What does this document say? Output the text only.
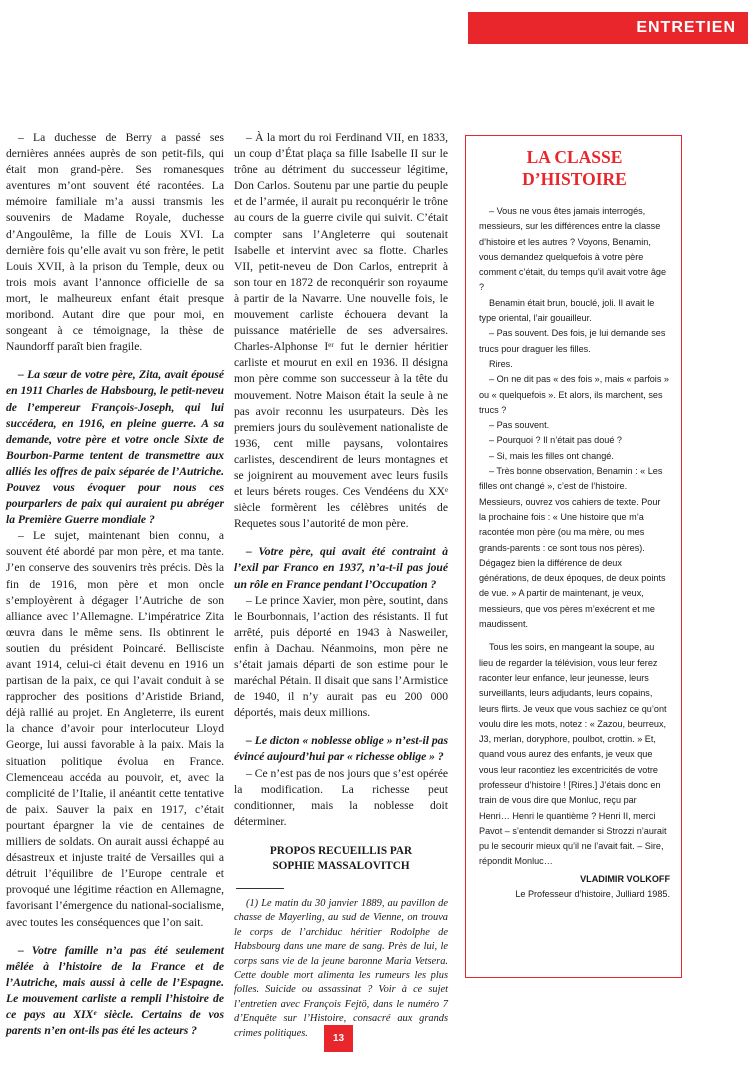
ENTRETIEN

– La duchesse de Berry a passé ses dernières années auprès de son petit-fils, qui était mon grand-père. Ses romanesques aventures m’ont souvent été racontées. La mémoire familiale m’a aussi transmis les souvenirs de Madame Royale, duchesse d’Angoulême, la fille de Louis XVI. La dernière fois qu’elle avait vu son frère, le petit Louis XVII, à la prison du Temple, deux ou trois mois avant l’annonce officielle de sa mort, le malheureux enfant était presque moribond. Autant dire que pour moi, en songeant à ce témoignage, la thèse de Naundorff paraît bien fragile.

– La sœur de votre père, Zita, avait épousé en 1911 Charles de Habsbourg, le petit-neveu de l’empereur François-Joseph, qui lui succédera, en 1916, en pleine guerre. A sa demande, votre père et votre oncle Sixte de Bourbon-Parme tentent de transmettre aux alliés les offres de paix séparée de l’Autriche. Pouvez vous évoquer pour nous ces pourparlers de paix qui auraient pu abréger la Première Guerre mondiale ?

– Le sujet, maintenant bien connu, a souvent été abordé par mon père, et ma tante. J’en conserve des souvenirs très précis. Dès la fin de 1916, mon père et mon oncle s’employèrent à dégager l’Autriche de son alliance avec l’Allemagne. L’impératrice Zita œuvra dans le même sens. Ils obtinrent le soutien du président Poincaré. Bellisciste avant 1914, celui-ci était devenu en 1916 un partisan de la paix, ce qui l’avait conduit à se rapprocher des positions d’Aristide Briand, déjà rallié au projet. En Angleterre, ils eurent la chance d’avoir pour interlocuteur Lloyd George, lui aussi favorable à la paix. Mais la situation politique évolua en France. Clemenceau accéda au pouvoir, et, avec la complicité de l’Italie, il anéantit cette tentative de paix. Sauver la paix en 1917, c’était pourtant épargner la vie de centaines de milliers de soldats. On aurait aussi échappé au désastreux et injuste traité de Versailles qui a détruit l’équilibre de l’Europe centrale et provoqué une légitime réaction en Allemagne, favorisant l’émergence du national-socialisme, avec toutes les conséquences que l’on sait.

– Votre famille n’a pas été seulement mêlée à l’histoire de la France et de l’Autriche, mais aussi à celle de l’Espagne. Le mouvement carliste a rempli l’histoire de ce pays au XIXᵉ siècle. Certains de vos parents n’en ont-ils pas été les acteurs ?

– À la mort du roi Ferdinand VII, en 1833, un coup d’État plaça sa fille Isabelle II sur le trône au détriment du successeur légitime, Don Carlos. Soutenu par une partie du peuple et de l’armée, il aurait pu reconquérir le trône au cours de la guerre civile qui suivit. C’était compter sans l’Angleterre qui soutenait Isabelle et intervint avec sa flotte. Charles VII, petit-neveu de Don Carlos, entreprit à son tour en 1872 de reconquérir son royaume à partir de la Navarre. Une nouvelle fois, le mouvement carliste échouera devant la puissance matérielle de ses adversaires. Charles-Alphonse Iᵉʳ fut le dernier héritier carliste et mourut en exil en 1936. Il désigna mon père comme son successeur à la tête du mouvement. Notre Maison était la seule à ne pas avoir reconnu les usurpateurs. Dès les premiers jours du soulèvement nationaliste de 1936, cent mille paysans, volontaires carlistes, descendirent de leurs montagnes et se joignirent au mouvement avec leurs fusils et leurs bérets rouges. Ces Vendéens du XXᵉ siècle formèrent les célèbres unités de Requetes sous l’autorité de mon père.

– Votre père, qui avait été contraint à l’exil par Franco en 1937, n’a-t-il pas joué un rôle en France pendant l’Occupation ?

– Le prince Xavier, mon père, soutint, dans le Bourbonnais, l’action des résistants. Il fut arrêté, puis déporté en 1943 à Nasweiler, enfin à Dachau. Néanmoins, mon père ne s’était jamais départi de son estime pour le maréchal Pétain. Il disait que sans l’Armistice de 1940, il n’y aurait pas eu 200 000 déportés, mais deux millions.

– Le dicton « noblesse oblige » n’est-il pas évincé aujourd’hui par « richesse oblige » ?

– Ce n’est pas de nos jours que s’est opérée la modification. La richesse peut conditionner, mais la noblesse doit déterminer.

PROPOS RECUEILLIS PAR
SOPHIE MASSALOVITCH

(1) Le matin du 30 janvier 1889, au pavillon de chasse de Mayerling, au sud de Vienne, on trouva le corps de l’archiduc héritier Rodolphe de Habsbourg dans une mare de sang. Près de lui, le corps sans vie de la jeune baronne Maria Vetsera. Cette double mort alimenta les rumeurs les plus folles. Suicide ou assassinat ? Voir à ce sujet l’entretien avec François Fejtö, dans le numéro 7 d’Enquête sur l’Histoire, consacré aux grands crimes politiques.

LA CLASSE
D’HISTOIRE

– Vous ne vous êtes jamais interrogés, messieurs, sur les différences entre la classe d’histoire et les autres ? Voyons, Benamin, vous demandez quelquefois à votre père comment c’était, du temps qu’il avait votre âge ?

Benamin était brun, bouclé, joli. Il avait le type oriental, l’air gouailleur.

– Pas souvent. Des fois, je lui demande ses trucs pour draguer les filles.

Rires.

– On ne dit pas « des fois », mais « parfois » ou « quelquefois ». Et alors, ils marchent, ses trucs ?

– Pas souvent.

– Pourquoi ? Il n’était pas doué ?

– Si, mais les filles ont changé.

– Très bonne observation, Benamin : « Les filles ont changé », c’est de l’histoire. Messieurs, ouvrez vos cahiers de texte. Pour la prochaine fois : « Une histoire que m’a racontée mon père (ou ma mère, ou mes grands-parents : ce sont tous nos pères). Dégagez bien la différence de deux générations, de deux époques, de deux points de vue. » A partir de maintenant, je veux, messieurs, que vos pères m’exécrent et me maudissent.

Tous les soirs, en mangeant la soupe, au lieu de regarder la télévision, vous leur ferez raconter leur enfance, leur jeunesse, leurs surveillants, leurs adjudants, leurs copains, leurs flirts. Je veux que vous sachiez ce qu’ont voulu dire les mots, notez : « Zazou, beurreux, J3, merlan, doryphore, poulbot, crottin. » Et, quand vous aurez des enfants, je veux que vous leur racontiez les excentricités de votre professeur d’histoire ! [Rires.] J’étais donc en train de vous dire que Monluc, reçu par Henri… Henri le quantième ? Henri II, merci Pavot – s’entendit demander si Strozzi n’aurait pu le secourir mieux qu’il ne l’avait fait. – Sire, répondit Monluc…

VLADIMIR VOLKOFF
Le Professeur d’histoire, Julliard 1985.
13
